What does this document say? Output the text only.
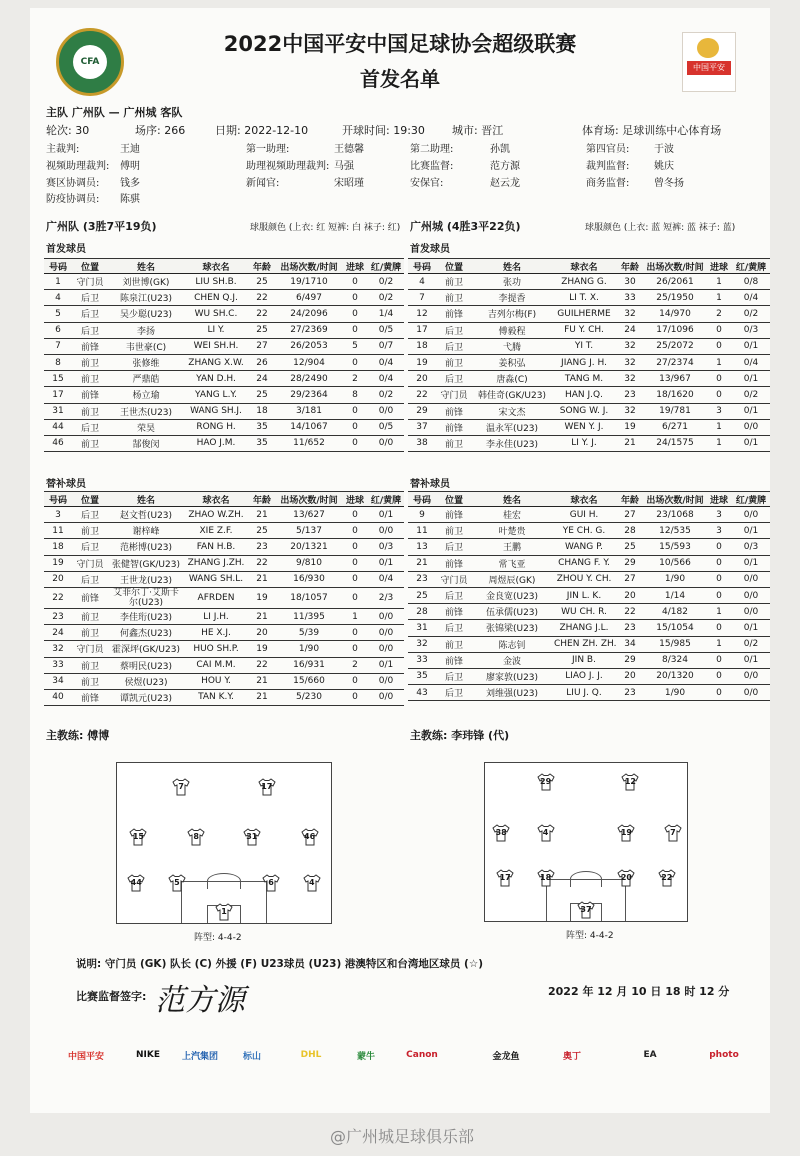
CFA
中国平安
2022中国平安中国足球协会超级联赛
首发名单
主队 广州队 — 广州城 客队
轮次: 30	场序: 266	日期: 2022-12-10	开球时间: 19:30 城市: 晋江	体育场: 足球训练中心体育场
主裁判:	王迪
视频助理裁判: 傅明
赛区协调员: 钱多
防疫协调员: 陈骐
第一助理:	王德馨
助理视频助理裁判: 马强
新闻官:	宋昭瑾
第二助理:	孙凯
比赛监督:	范方源
安保官:	赵云龙
第四官员: 于波
裁判监督: 姚庆
商务监督: 曾冬扬
广州队 (3胜7平19负)	球服颜色 (上衣: 红 短裤: 白 袜子: 红) 广州城 (4胜3平22负)	球服颜色 (上衣: 蓝 短裤: 蓝 袜子: 蓝)
首发球员	首发球员
号码	位置	姓名	球衣名	年龄	出场次数/时间	进球	红/黄牌
1	守门员	刘世博(GK)	LIU SH.B.	25	19/1710	0	0/2
4	后卫	陈泉江(U23)	CHEN Q.J.	22	6/497	0	0/2
5	后卫	吴少聪(U23)	WU SH.C.	22	24/2096	0	1/4
6	后卫	李扬	LI Y.	25	27/2369	0	0/5
7	前锋	韦世豪(C)	WEI SH.H.	27	26/2053	5	0/7
8	前卫	张修维	ZHANG X.W.	26	12/904	0	0/4
15	前卫	严鼎皓	YAN D.H.	24	28/2490	2	0/4
17	前锋	杨立瑜	YANG L.Y.	25	29/2364	8	0/2
31	前卫	王世杰(U23)	WANG SH.J.	18	3/181	0	0/0
44	后卫	荣昊	RONG H.	35	14/1067	0	0/5
46	前卫	郜俊闵	HAO J.M.	35	11/652	0	0/0
号码	位置	姓名	球衣名	年龄	出场次数/时间	进球	红/黄牌
4	前卫	张功	ZHANG G.	30	26/2061	1	0/8
7	前卫	李提香	LI T. X.	33	25/1950	1	0/4
12	前锋	吉列尔梅(F)	GUILHERME	32	14/970	2	0/2
17	后卫	傅毅程	FU Y. CH.	24	17/1096	0	0/3
18	后卫	弋腾	YI T.	32	25/2072	0	0/1
19	前卫	姜积弘	JIANG J. H.	32	27/2374	1	0/4
20	后卫	唐淼(C)	TANG M.	32	13/967	0	0/1
22	守门员	韩佳奇(GK/U23)	HAN J.Q.	23	18/1620	0	0/2
29	前锋	宋文杰	SONG W. J.	32	19/781	3	0/1
37	前锋	温永军(U23)	WEN Y. J.	19	6/271	1	0/0
38	前卫	李永佳(U23)	LI Y. J.	21	24/1575	1	0/1
替补球员	替补球员
号码	位置	姓名	球衣名	年龄	出场次数/时间	进球	红/黄牌
3	后卫	赵文哲(U23)	ZHAO W.ZH.	21	13/627	0	0/1
11	前卫	谢梓峰	XIE Z.F.	25	5/137	0	0/0
18	后卫	范彬博(U23)	FAN H.B.	23	20/1321	0	0/3
19	守门员	张健智(GK/U23)	ZHANG J.ZH.	22	9/810	0	0/1
20	后卫	王世龙(U23)	WANG SH.L.	21	16/930	0	0/4
22	前锋	艾菲尔丁·艾斯卡尔(U23)	AFRDEN	19	18/1057	0	2/3
23	前卫	李佳珩(U23)	LI J.H.	21	11/395	1	0/0
24	前卫	何鑫杰(U23)	HE X.J.	20	5/39	0	0/0
32	守门员	霍深坪(GK/U23)	HUO SH.P.	19	1/90	0	0/0
33	前卫	蔡明民(U23)	CAI M.M.	22	16/931	2	0/1
34	前卫	侯煜(U23)	HOU Y.	21	15/660	0	0/0
40	前锋	谭凯元(U23)	TAN K.Y.	21	5/230	0	0/0
号码	位置	姓名	球衣名	年龄	出场次数/时间	进球	红/黄牌
9	前锋	桂宏	GUI H.	27	23/1068	3	0/0
11	前卫	叶楚贵	YE CH. G.	28	12/535	3	0/1
13	后卫	王鹏	WANG P.	25	15/593	0	0/3
21	前锋	常飞亚	CHANG F. Y.	29	10/566	0	0/1
23	守门员	周煜辰(GK)	ZHOU Y. CH.	27	1/90	0	0/0
25	后卫	金良宽(U23)	JIN L. K.	20	1/14	0	0/0
28	前锋	伍承儒(U23)	WU CH. R.	22	4/182	1	0/0
31	后卫	张锦梁(U23)	ZHANG J.L.	23	15/1054	0	0/1
32	前卫	陈志钊	CHEN ZH. ZH.	34	15/985	1	0/2
33	前锋	金波	JIN B.	29	8/324	0	0/1
35	后卫	廖家敦(U23)	LIAO J. J.	20	20/1320	0	0/0
43	后卫	刘维强(U23)	LIU J. Q.	23	1/90	0	0/0
主教练: 傅博	主教练: 李玮锋 (代)
7	17
15	8	31	46
44	5	6	4
1
阵型: 4-4-2
29	12
38	4	19	7
17	18	20	22
37
阵型: 4-4-2
说明: 守门员 (GK) 队长 (C) 外援 (F) U23球员 (U23) 港澳特区和台湾地区球员 (☆)
比赛监督签字: 范方源	2022 年 12 月 10 日 18 时 12 分
中国平安	NIKE	上汽集团	标山	DHL	蒙牛	Canon	金龙鱼	奥丁	EA	photo
@广州城足球俱乐部
